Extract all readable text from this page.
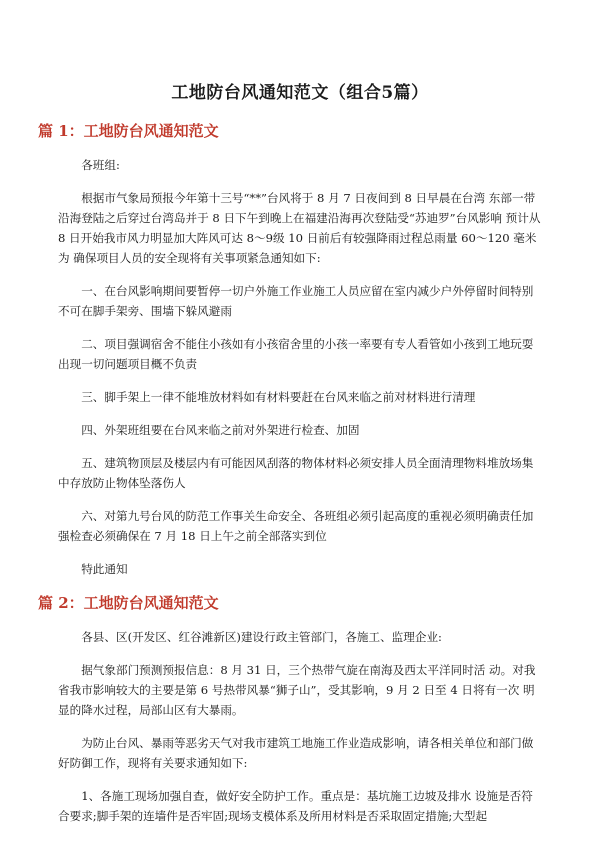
工地防台风通知范文（组合5篇）
篇 1：工地防台风通知范文

各班组:

根据市气象局预报今年第十三号“**”台风将于 8 月 7 日夜间到 8 日早晨在台湾 东部一带沿海登陆之后穿过台湾岛并于 8 日下午到晚上在福建沿海再次登陆受“苏迪罗”台风影响 预计从 8 日开始我市风力明显加大阵风可达 8～9级 10 日前后有较强降雨过程总雨量 60～120 毫米为 确保项目人员的安全现将有关事项紧急通知如下:

一、在台风影响期间要暂停一切户外施工作业施工人员应留在室内减少户外停留时间特别不可在脚手架旁、围墙下躲风避雨

二、项目强调宿舍不能住小孩如有小孩宿舍里的小孩一率要有专人看管如小孩到工地玩耍出现一切问题项目概不负责

三、脚手架上一律不能堆放材料如有材料要赶在台风来临之前对材料进行清理

四、外架班组要在台风来临之前对外架进行检查、加固

五、建筑物顶层及楼层内有可能因风刮落的物体材料必须安排人员全面清理物料堆放场集中存放防止物体坠落伤人

六、对第九号台风的防范工作事关生命安全、各班组必须引起高度的重视必须明确责任加强检查必须确保在 7 月 18 日上午之前全部落实到位

特此通知

篇 2：工地防台风通知范文

各县、区(开发区、红谷滩新区)建设行政主管部门，各施工、监理企业:

据气象部门预测预报信息：8 月 31 日，三个热带气旋在南海及西太平洋同时活 动。对我省我市影响较大的主要是第 6 号热带风暴“狮子山”，受其影响，9 月 2 日至 4 日将有一次 明显的降水过程，局部山区有大暴雨。

为防止台风、暴雨等恶劣天气对我市建筑工地施工作业造成影响，请各相关单位和部门做好防御工作，现将有关要求通知如下:

1、各施工现场加强自查，做好安全防护工作。重点是：基坑施工边坡及排水 设施是否符合要求;脚手架的连墙件是否牢固;现场支模体系及所用材料是否采取固定措施;大型起
